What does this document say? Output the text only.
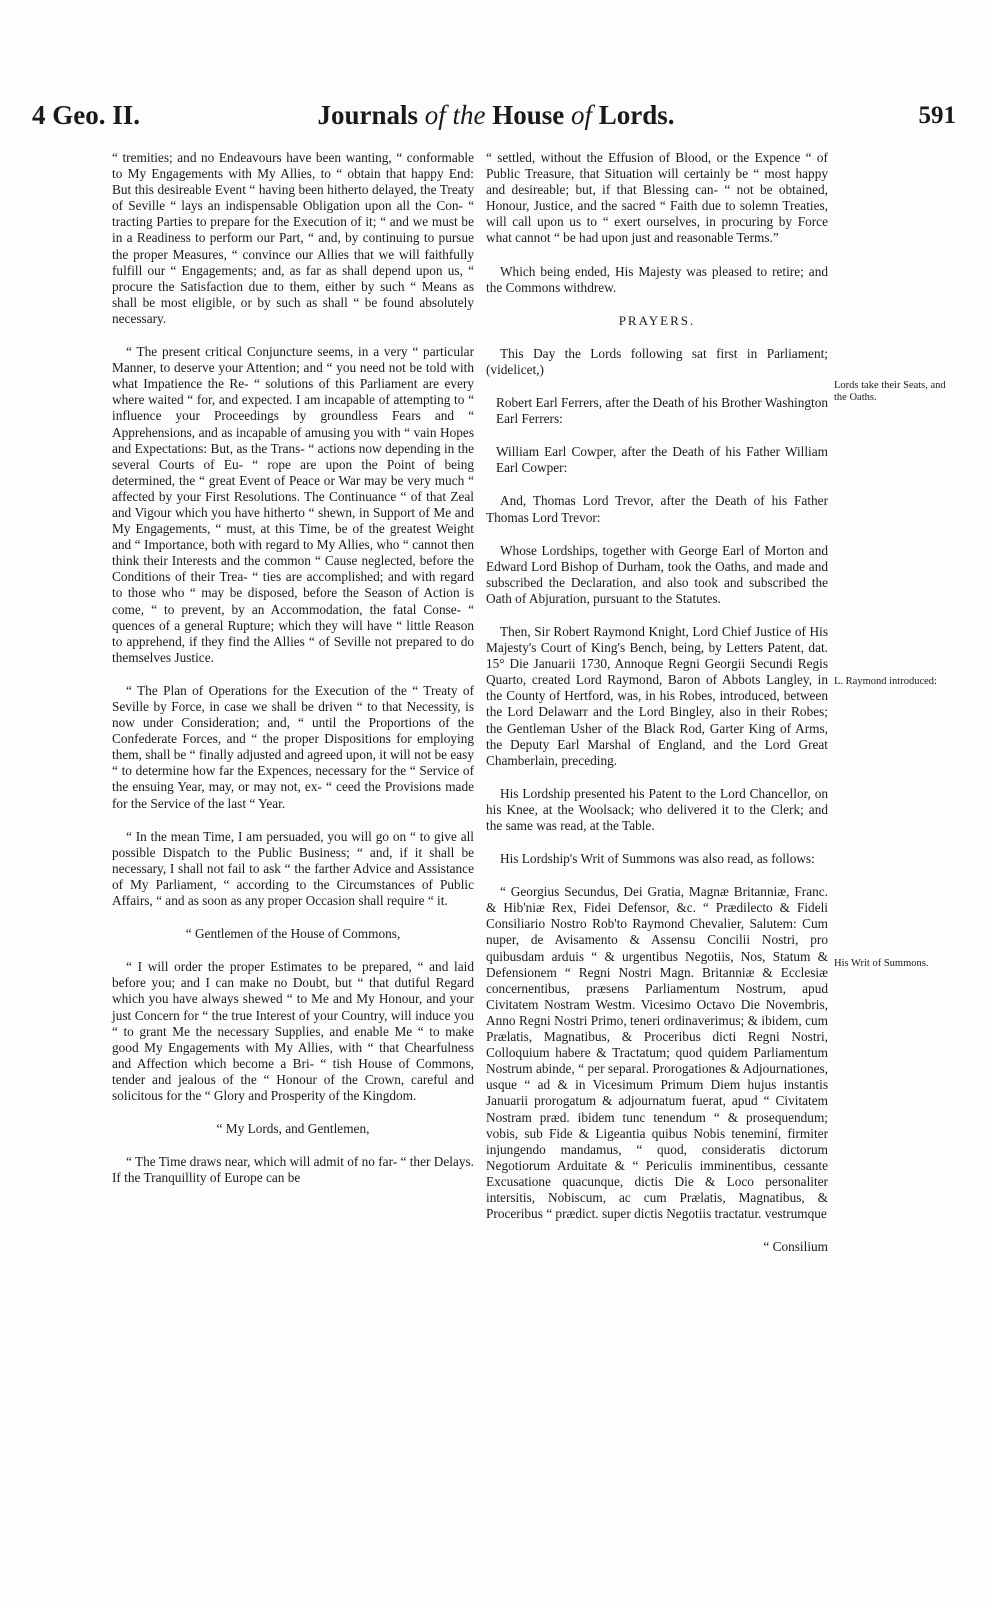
4 Geo. II.	Journals of the House of Lords.	591

“ tremities; and no Endeavours have been wanting, “ conformable to My Engagements with My Allies, to “ obtain that happy End: But this desireable Event “ having been hitherto delayed, the Treaty of Seville “ lays an indispensable Obligation upon all the Con- “ tracting Parties to prepare for the Execution of it; “ and we must be in a Readiness to perform our Part, “ and, by continuing to pursue the proper Measures, “ convince our Allies that we will faithfully fulfill our “ Engagements; and, as far as shall depend upon us, “ procure the Satisfaction due to them, either by such “ Means as shall be most eligible, or by such as shall “ be found absolutely necessary.

“ The present critical Conjuncture seems, in a very “ particular Manner, to deserve your Attention; and “ you need not be told with what Impatience the Re- “ solutions of this Parliament are every where waited “ for, and expected. I am incapable of attempting to “ influence your Proceedings by groundless Fears and “ Apprehensions, and as incapable of amusing you with “ vain Hopes and Expectations: But, as the Trans- “ actions now depending in the several Courts of Eu- “ rope are upon the Point of being determined, the “ great Event of Peace or War may be very much “ affected by your First Resolutions. The Continuance “ of that Zeal and Vigour which you have hitherto “ shewn, in Support of Me and My Engagements, “ must, at this Time, be of the greatest Weight and “ Importance, both with regard to My Allies, who “ cannot then think their Interests and the common “ Cause neglected, before the Conditions of their Trea- “ ties are accomplished; and with regard to those who “ may be disposed, before the Season of Action is come, “ to prevent, by an Accommodation, the fatal Conse- “ quences of a general Rupture; which they will have “ little Reason to apprehend, if they find the Allies “ of Seville not prepared to do themselves Justice.

“ The Plan of Operations for the Execution of the “ Treaty of Seville by Force, in case we shall be driven “ to that Necessity, is now under Consideration; and, “ until the Proportions of the Confederate Forces, and “ the proper Dispositions for employing them, shall be “ finally adjusted and agreed upon, it will not be easy “ to determine how far the Expences, necessary for the “ Service of the ensuing Year, may, or may not, ex- “ ceed the Provisions made for the Service of the last “ Year.

“ In the mean Time, I am persuaded, you will go on “ to give all possible Dispatch to the Public Business; “ and, if it shall be necessary, I shall not fail to ask “ the farther Advice and Assistance of My Parliament, “ according to the Circumstances of Public Affairs, “ and as soon as any proper Occasion shall require “ it.

“ Gentlemen of the House of Commons,

“ I will order the proper Estimates to be prepared, “ and laid before you; and I can make no Doubt, but “ that dutiful Regard which you have always shewed “ to Me and My Honour, and your just Concern for “ the true Interest of your Country, will induce you “ to grant Me the necessary Supplies, and enable Me “ to make good My Engagements with My Allies, with “ that Chearfulness and Affection which become a Bri- “ tish House of Commons, tender and jealous of the “ Honour of the Crown, careful and solicitous for the “ Glory and Prosperity of the Kingdom.

“ My Lords, and Gentlemen,

“ The Time draws near, which will admit of no far- “ ther Delays. If the Tranquillity of Europe can be

“ settled, without the Effusion of Blood, or the Expence “ of Public Treasure, that Situation will certainly be “ most happy and desireable; but, if that Blessing can- “ not be obtained, Honour, Justice, and the sacred “ Faith due to solemn Treaties, will call upon us to “ exert ourselves, in procuring by Force what cannot “ be had upon just and reasonable Terms.”

Which being ended, His Majesty was pleased to retire; and the Commons withdrew.

PRAYERS.

This Day the Lords following sat first in Parliament; (videlicet,)

Robert Earl Ferrers, after the Death of his Brother Washington Earl Ferrers:

William Earl Cowper, after the Death of his Father William Earl Cowper:

And, Thomas Lord Trevor, after the Death of his Father Thomas Lord Trevor:

Whose Lordships, together with George Earl of Morton and Edward Lord Bishop of Durham, took the Oaths, and made and subscribed the Declaration, and also took and subscribed the Oath of Abjuration, pursuant to the Statutes.

Then, Sir Robert Raymond Knight, Lord Chief Justice of His Majesty's Court of King's Bench, being, by Letters Patent, dat. 15° Die Januarii 1730, Annoque Regni Georgii Secundi Regis Quarto, created Lord Raymond, Baron of Abbots Langley, in the County of Hertford, was, in his Robes, introduced, between the Lord Delawarr and the Lord Bingley, also in their Robes; the Gentleman Usher of the Black Rod, Garter King of Arms, the Deputy Earl Marshal of England, and the Lord Great Chamberlain, preceding.

His Lordship presented his Patent to the Lord Chancellor, on his Knee, at the Woolsack; who delivered it to the Clerk; and the same was read, at the Table.

His Lordship's Writ of Summons was also read, as follows:

“ Georgius Secundus, Dei Gratia, Magnæ Britanniæ, Franc. & Hib'niæ Rex, Fidei Defensor, &c. “ Prædilecto & Fideli Consiliario Nostro Rob'to Raymond Chevalier, Salutem: Cum nuper, de Avisamento & Assensu Concilii Nostri, pro quibusdam arduis “ & urgentibus Negotiis, Nos, Statum & Defensionem “ Regni Nostri Magn. Britanniæ & Ecclesiæ concernentibus, præsens Parliamentum Nostrum, apud Civitatem Nostram Westm. Vicesimo Octavo Die Novembris, Anno Regni Nostri Primo, teneri ordinaverimus; & ibidem, cum Prælatis, Magnatibus, & Proceribus dicti Regni Nostri, Colloquium habere & Tractatum; quod quidem Parliamentum Nostrum abinde, “ per separal. Prorogationes & Adjournationes, usque “ ad & in Vicesimum Primum Diem hujus instantis Januarii prorogatum & adjournatum fuerat, apud “ Civitatem Nostram præd. ibidem tunc tenendum “ & prosequendum; vobis, sub Fide & Ligeantia quibus Nobis teneminí, firmiter injungendo mandamus, “ quod, consideratis dictorum Negotiorum Arduitate & “ Periculis imminentibus, cessante Excusatione quacunque, dictis Die & Loco personaliter intersitis, Nobiscum, ac cum Prælatis, Magnatibus, & Proceribus “ prædict. super dictis Negotiis tractatur. vestrumque

“ Consilium

Lords take their Seats, and the Oaths.
L. Raymond introduced:
His Writ of Summons.
